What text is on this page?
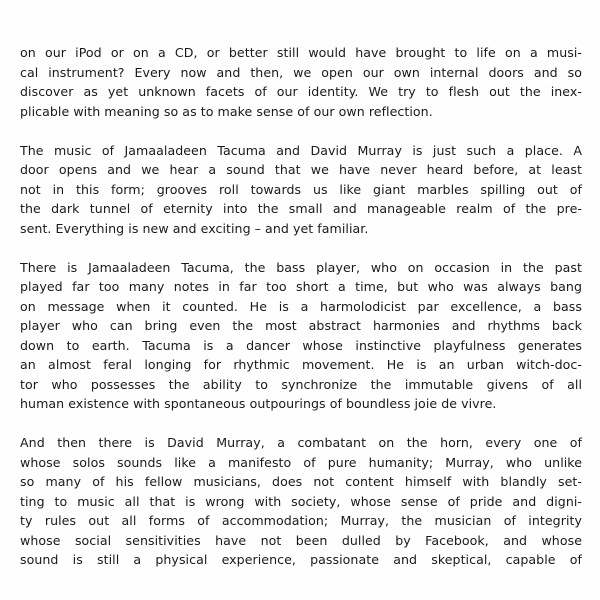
on our iPod or on a CD, or better still would have brought to life on a musi-
cal instrument? Every now and then, we open our own internal doors and so
discover as yet unknown facets of our identity. We try to flesh out the inex-
plicable with meaning so as to make sense of our own reflection.

The music of Jamaaladeen Tacuma and David Murray is just such a place. A
door opens and we hear a sound that we have never heard before, at least
not in this form; grooves roll towards us like giant marbles spilling out of
the dark tunnel of eternity into the small and manageable realm of the pre-
sent. Everything is new and exciting – and yet familiar.

There is Jamaaladeen Tacuma, the bass player, who on occasion in the past
played far too many notes in far too short a time, but who was always bang
on message when it counted. He is a harmolodicist par excellence, a bass
player who can bring even the most abstract harmonies and rhythms back
down to earth. Tacuma is a dancer whose instinctive playfulness generates
an almost feral longing for rhythmic movement. He is an urban witch-doc-
tor who possesses the ability to synchronize the immutable givens of all
human existence with spontaneous outpourings of boundless joie de vivre.

And then there is David Murray, a combatant on the horn, every one of
whose solos sounds like a manifesto of pure humanity; Murray, who unlike
so many of his fellow musicians, does not content himself with blandly set-
ting to music all that is wrong with society, whose sense of pride and digni-
ty rules out all forms of accommodation; Murray, the musician of integrity
whose social sensitivities have not been dulled by Facebook, and whose
sound is still a physical experience, passionate and skeptical, capable of
